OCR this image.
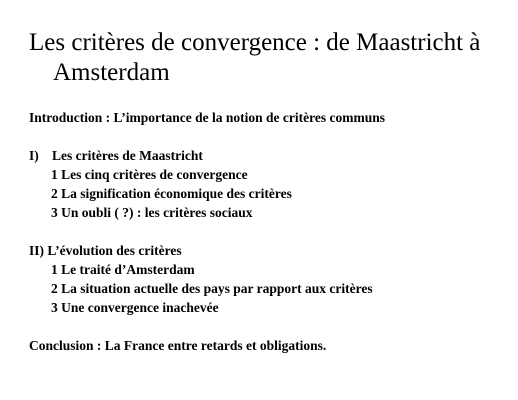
Les critères de convergence : de Maastricht à
Amsterdam
Introduction : L’importance de la notion de critères communs
I) Les critères de Maastricht
1 Les cinq critères de convergence
2 La signification économique des critères
3 Un oubli ( ?) : les critères sociaux
II) L’évolution des critères
1 Le traité d’Amsterdam
2 La situation actuelle des pays par rapport aux critères
3 Une convergence inachevée
Conclusion : La France entre retards et obligations.
